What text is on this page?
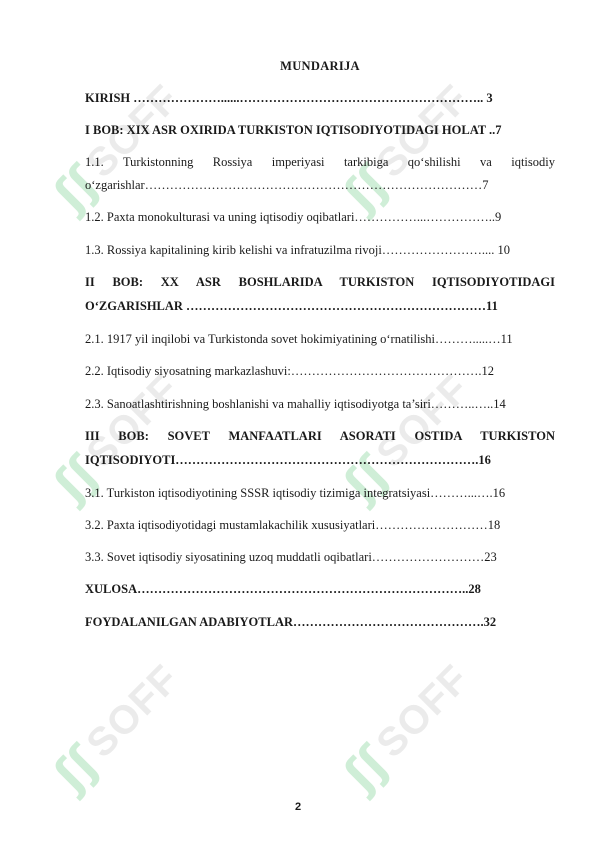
ʃʃ
SOFF
ʃʃ
SOFF
ʃʃ
SOFF
ʃʃ
SOFF
ʃʃ
SOFF
ʃʃ
SOFF
MUNDARIJA
KIRISH …………………......………………………………………………….. 3
I BOB: XIX ASR OXIRIDA TURKISTON IQTISODIYOTIDAGI HOLAT ..7
1.1. Turkistonning Rossiya imperiyasi tarkibiga qo‘shilishi va iqtisodiy
o‘zgarishlar………………………………………………………………………7
1.2. Paxta monokulturasi va uning iqtisodiy oqibatlari……………...……………..9
1.3. Rossiya kapitalining kirib kelishi va infratuzilma rivoji…………………….... 10
II BOB: XX ASR BOSHLARIDA TURKISTON IQTISODIYOTIDAGI
O‘ZGARISHLAR ………………………………………………………………11
2.1. 1917 yil inqilobi va Turkistonda sovet hokimiyatining o‘rnatilishi……….....…11
2.2. Iqtisodiy siyosatning markazlashuvi:……………………………………….12
2.3. Sanoatlashtirishning boshlanishi va mahalliy iqtisodiyotga ta’siri………..…..14
III BOB: SOVET MANFAATLARI ASORATI OSTIDA TURKISTON
IQTISODIYOTI……………………………………………………………….16
3.1. Turkiston iqtisodiyotining SSSR iqtisodiy tizimiga integratsiyasi………...….16
3.2. Paxta iqtisodiyotidagi mustamlakachilik xususiyatlari………………………18
3.3. Sovet iqtisodiy siyosatining uzoq muddatli oqibatlari………………………23
XULOSA……………………………………………………………………..28
FOYDALANILGAN ADABIYOTLAR……………………………………….32
2
